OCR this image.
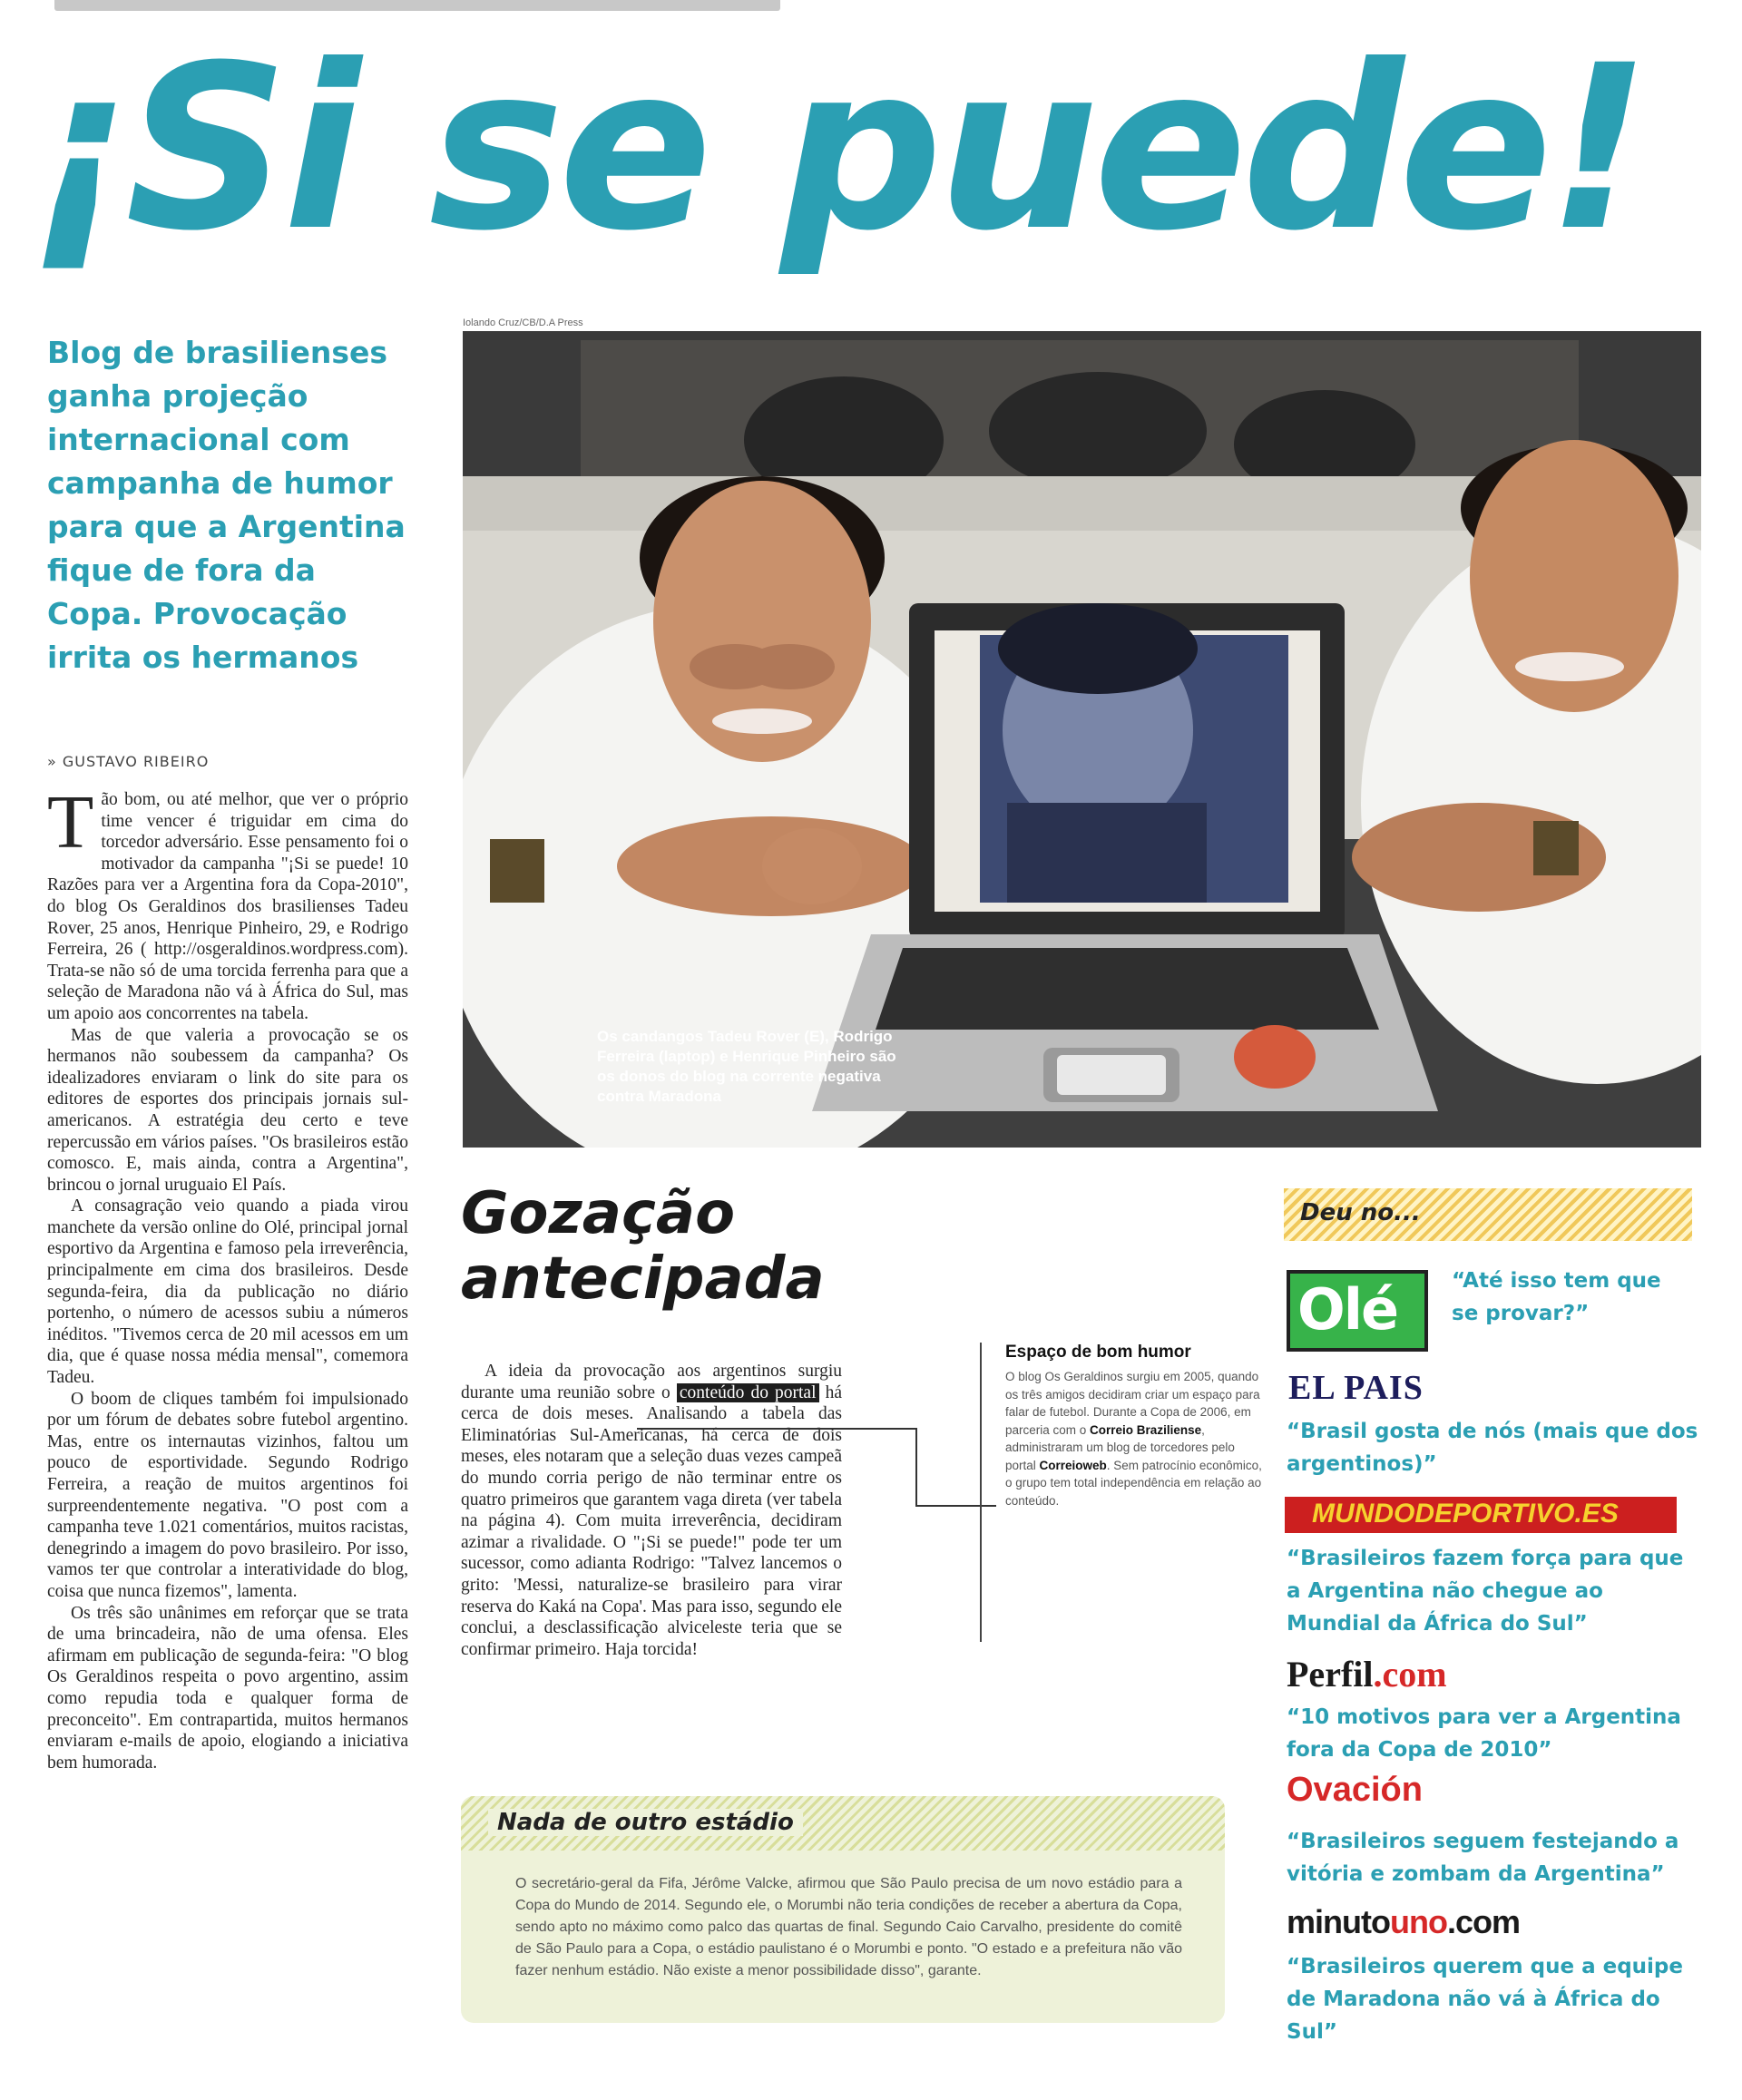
¡Si se puede!
Blog de brasilienses ganha projeção internacional com campanha de humor para que a Argentina fique de fora da Copa. Provocação irrita os hermanos
» GUSTAVO RIBEIRO

Tão bom, ou até melhor, que ver o próprio time vencer é triguidar em cima do torcedor adversário. Esse pensamento foi o motivador da campanha "¡Si se puede! 10 Razões para ver a Argentina fora da Copa-2010", do blog Os Geraldinos dos brasilienses Tadeu Rover, 25 anos, Henrique Pinheiro, 29, e Rodrigo Ferreira, 26 ( http://osgeraldinos.wordpress.com). Trata-se não só de uma torcida ferrenha para que a seleção de Maradona não vá à África do Sul, mas um apoio aos concorrentes na tabela.

Mas de que valeria a provocação se os hermanos não soubessem da campanha? Os idealizadores enviaram o link do site para os editores de esportes dos principais jornais sul-americanos. A estratégia deu certo e teve repercussão em vários países. "Os brasileiros estão comosco. E, mais ainda, contra a Argentina", brincou o jornal uruguaio El País.

A consagração veio quando a piada virou manchete da versão online do Olé, principal jornal esportivo da Argentina e famoso pela irreverência, principalmente em cima dos brasileiros. Desde segunda-feira, dia da publicação no diário portenho, o número de acessos subiu a números inéditos. "Tivemos cerca de 20 mil acessos em um dia, que é quase nossa média mensal", comemora Tadeu.

O boom de cliques também foi impulsionado por um fórum de debates sobre futebol argentino. Mas, entre os internautas vizinhos, faltou um pouco de esportividade. Segundo Rodrigo Ferreira, a reação de muitos argentinos foi surpreendentemente negativa. "O post com a campanha teve 1.021 comentários, muitos racistas, denegrindo a imagem do povo brasileiro. Por isso, vamos ter que controlar a interatividade do blog, coisa que nunca fizemos", lamenta.

Os três são unânimes em reforçar que se trata de uma brincadeira, não de uma ofensa. Eles afirmam em publicação de segunda-feira: "O blog Os Geraldinos respeita o povo argentino, assim como repudia toda e qualquer forma de preconceito". Em contrapartida, muitos hermanos enviaram e-mails de apoio, elogiando a iniciativa bem humorada.

Iolando Cruz/CB/D.A Press
Os candangos Tadeu Rover (E), Rodrigo Ferreira (laptop) e Henrique Pinheiro são os donos do blog na corrente negativa contra Maradona
Gozação antecipada

A ideia da provocação aos argentinos surgiu durante uma reunião sobre o conteúdo do portal há cerca de dois meses. Analisando a tabela das Eliminatórias Sul-Americanas, há cerca de dois meses, eles notaram que a seleção duas vezes campeã do mundo corria perigo de não terminar entre os quatro primeiros que garantem vaga direta (ver tabela na página 4). Com muita irreverência, decidiram azimar a rivalidade. O "¡Si se puede!" pode ter um sucessor, como adianta Rodrigo: "Talvez lancemos o grito: 'Messi, naturalize-se brasileiro para virar reserva do Kaká na Copa'. Mas para isso, segundo ele conclui, a desclassificação alviceleste teria que se confirmar primeiro. Haja torcida!

Espaço de bom humor
O blog Os Geraldinos surgiu em 2005, quando os três amigos decidiram criar um espaço para falar de futebol. Durante a Copa de 2006, em parceria com o Correio Braziliense, administraram um blog de torcedores pelo portal Correioweb. Sem patrocínio econômico, o grupo tem total independência em relação ao conteúdo.
Nada de outro estádio
O secretário-geral da Fifa, Jérôme Valcke, afirmou que São Paulo precisa de um novo estádio para a Copa do Mundo de 2014. Segundo ele, o Morumbi não teria condições de receber a abertura da Copa, sendo apto no máximo como palco das quartas de final. Segundo Caio Carvalho, presidente do comitê de São Paulo para a Copa, o estádio paulistano é o Morumbi e ponto. "O estado e a prefeitura não vão fazer nenhum estádio. Não existe a menor possibilidade disso", garante.
Deu no...
Olé	“Até isso tem que se provar?”
EL PAIS
“Brasil gosta de nós (mais que dos argentinos)”
MUNDODEPORTIVO.ES
“Brasileiros fazem força para que a Argentina não chegue ao Mundial da África do Sul”
Perfil.com
“10 motivos para ver a Argentina fora da Copa de 2010”
Ovación
“Brasileiros seguem festejando a vitória e zombam da Argentina”
minutouno.com
“Brasileiros querem que a equipe de Maradona não vá à África do Sul”
